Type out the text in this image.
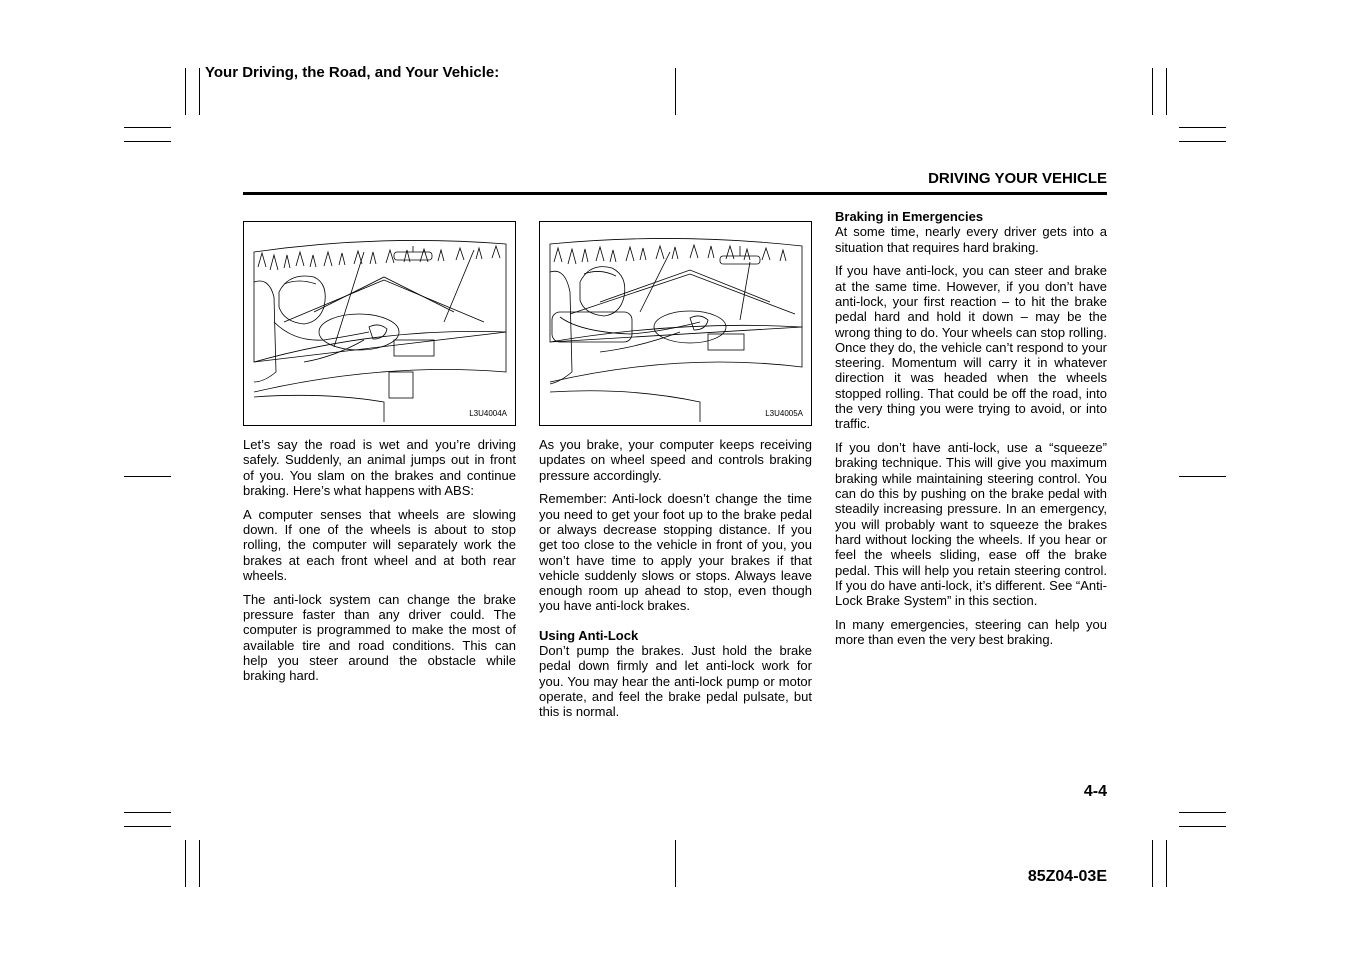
Your Driving, the Road, and Your Vehicle:
DRIVING YOUR VEHICLE
L3U4004A	L3U4005A

Let’s say the road is wet and you’re driving safely. Suddenly, an animal jumps out in front of you. You slam on the brakes and continue braking. Here’s what happens with ABS:

A computer senses that wheels are slowing down. If one of the wheels is about to stop rolling, the computer will separately work the brakes at each front wheel and at both rear wheels.

The anti-lock system can change the brake pressure faster than any driver could. The computer is programmed to make the most of available tire and road conditions. This can help you steer around the obstacle while braking hard.

As you brake, your computer keeps receiving updates on wheel speed and controls braking pressure accordingly.

Remember: Anti-lock doesn’t change the time you need to get your foot up to the brake pedal or always decrease stopping distance. If you get too close to the vehicle in front of you, you won’t have time to apply your brakes if that vehicle suddenly slows or stops. Always leave enough room up ahead to stop, even though you have anti-lock brakes.

Using Anti-Lock
Don’t pump the brakes. Just hold the brake pedal down firmly and let anti-lock work for you. You may hear the anti-lock pump or motor operate, and feel the brake pedal pulsate, but this is normal.

Braking in Emergencies
At some time, nearly every driver gets into a situation that requires hard braking.

If you have anti-lock, you can steer and brake at the same time. However, if you don’t have anti-lock, your first reaction – to hit the brake pedal hard and hold it down – may be the wrong thing to do. Your wheels can stop rolling. Once they do, the vehicle can’t respond to your steering. Momentum will carry it in whatever direction it was headed when the wheels stopped rolling. That could be off the road, into the very thing you were trying to avoid, or into traffic.

If you don’t have anti-lock, use a “squeeze” braking technique. This will give you maximum braking while maintaining steering control. You can do this by pushing on the brake pedal with steadily increasing pressure. In an emergency, you will probably want to squeeze the brakes hard without locking the wheels. If you hear or feel the wheels sliding, ease off the brake pedal. This will help you retain steering control. If you do have anti-lock, it’s different. See “Anti-Lock Brake System” in this section.

In many emergencies, steering can help you more than even the very best braking.

4-4
85Z04-03E
